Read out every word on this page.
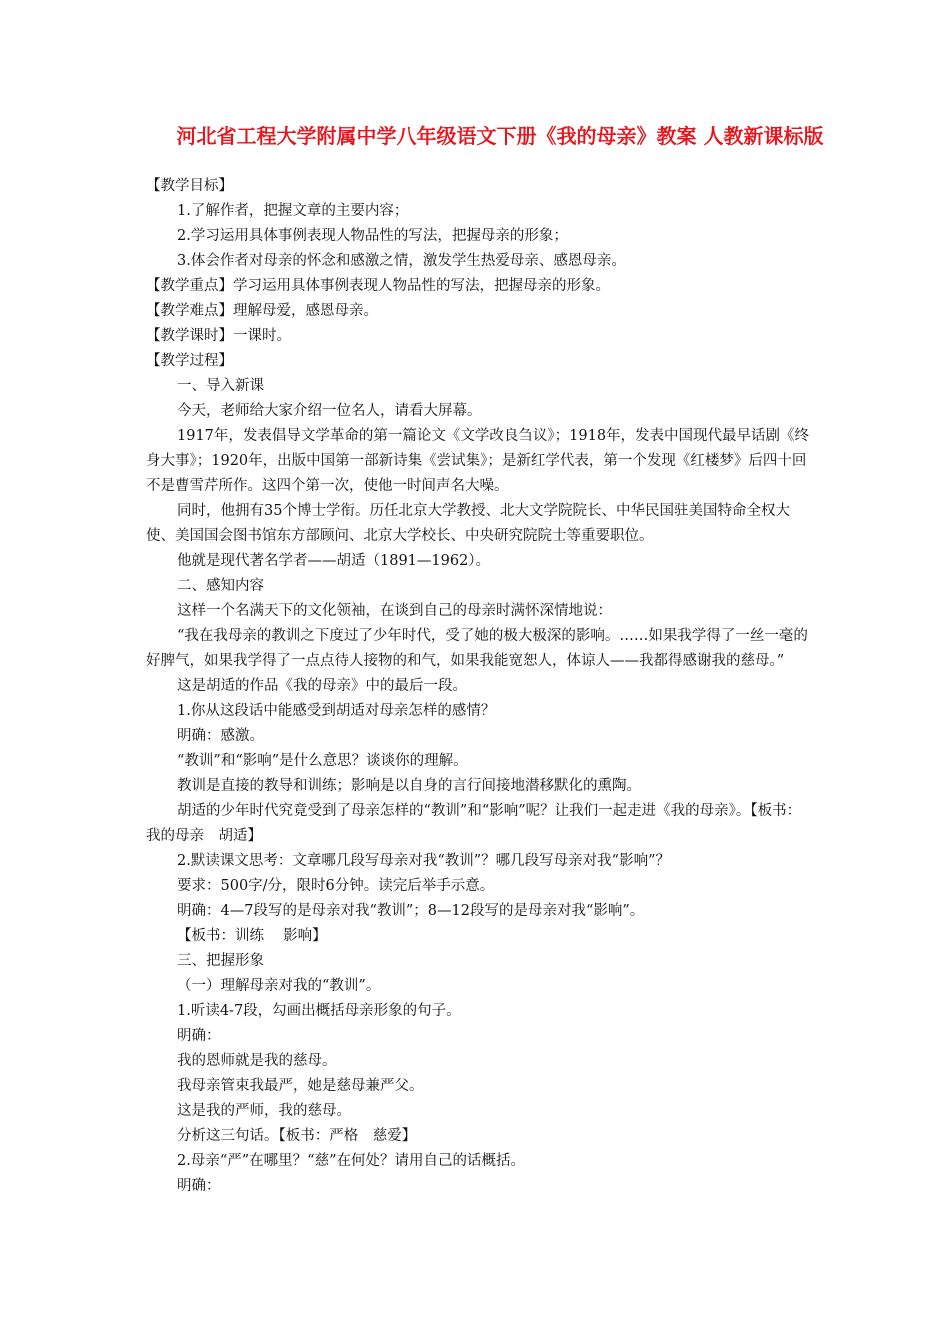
河北省工程大学附属中学八年级语文下册《我的母亲》教案 人教新课标版

【教学目标】

1.了解作者，把握文章的主要内容；

2.学习运用具体事例表现人物品性的写法，把握母亲的形象；

3.体会作者对母亲的怀念和感激之情，激发学生热爱母亲、感恩母亲。

【教学重点】学习运用具体事例表现人物品性的写法，把握母亲的形象。

【教学难点】理解母爱，感恩母亲。

【教学课时】一课时。

【教学过程】

一、导入新课

今天，老师给大家介绍一位名人，请看大屏幕。

1917年，发表倡导文学革命的第一篇论文《文学改良刍议》；1918年，发表中国现代最早话剧《终身大事》；1920年，出版中国第一部新诗集《尝试集》；是新红学代表，第一个发现《红楼梦》后四十回不是曹雪芹所作。这四个第一次，使他一时间声名大噪。

同时，他拥有35个博士学衔。历任北京大学教授、北大文学院院长、中华民国驻美国特命全权大使、美国国会图书馆东方部顾问、北京大学校长、中央研究院院士等重要职位。

他就是现代著名学者——胡适（1891—1962）。

二、感知内容

这样一个名满天下的文化领袖，在谈到自己的母亲时满怀深情地说：

“我在我母亲的教训之下度过了少年时代，受了她的极大极深的影响。……如果我学得了一丝一毫的好脾气，如果我学得了一点点待人接物的和气，如果我能宽恕人，体谅人——我都得感谢我的慈母。”

这是胡适的作品《我的母亲》中的最后一段。

1.你从这段话中能感受到胡适对母亲怎样的感情？

明确：感激。

“教训”和“影响”是什么意思？谈谈你的理解。

教训是直接的教导和训练；影响是以自身的言行间接地潜移默化的熏陶。

胡适的少年时代究竟受到了母亲怎样的“教训”和“影响”呢？让我们一起走进《我的母亲》。【板书：我的母亲　胡适】

2.默读课文思考：文章哪几段写母亲对我“教训”？哪几段写母亲对我“影响”？

要求：500字/分，限时6分钟。读完后举手示意。

明确：4—7段写的是母亲对我“教训”；8—12段写的是母亲对我“影响”。

【板书：训练　 影响】

三、把握形象

（一）理解母亲对我的“教训”。

1.听读4-7段，勾画出概括母亲形象的句子。

明确：

我的恩师就是我的慈母。

我母亲管束我最严，她是慈母兼严父。

这是我的严师，我的慈母。

分析这三句话。【板书：严格　慈爱】

2.母亲“严”在哪里？“慈”在何处？请用自己的话概括。

明确：
